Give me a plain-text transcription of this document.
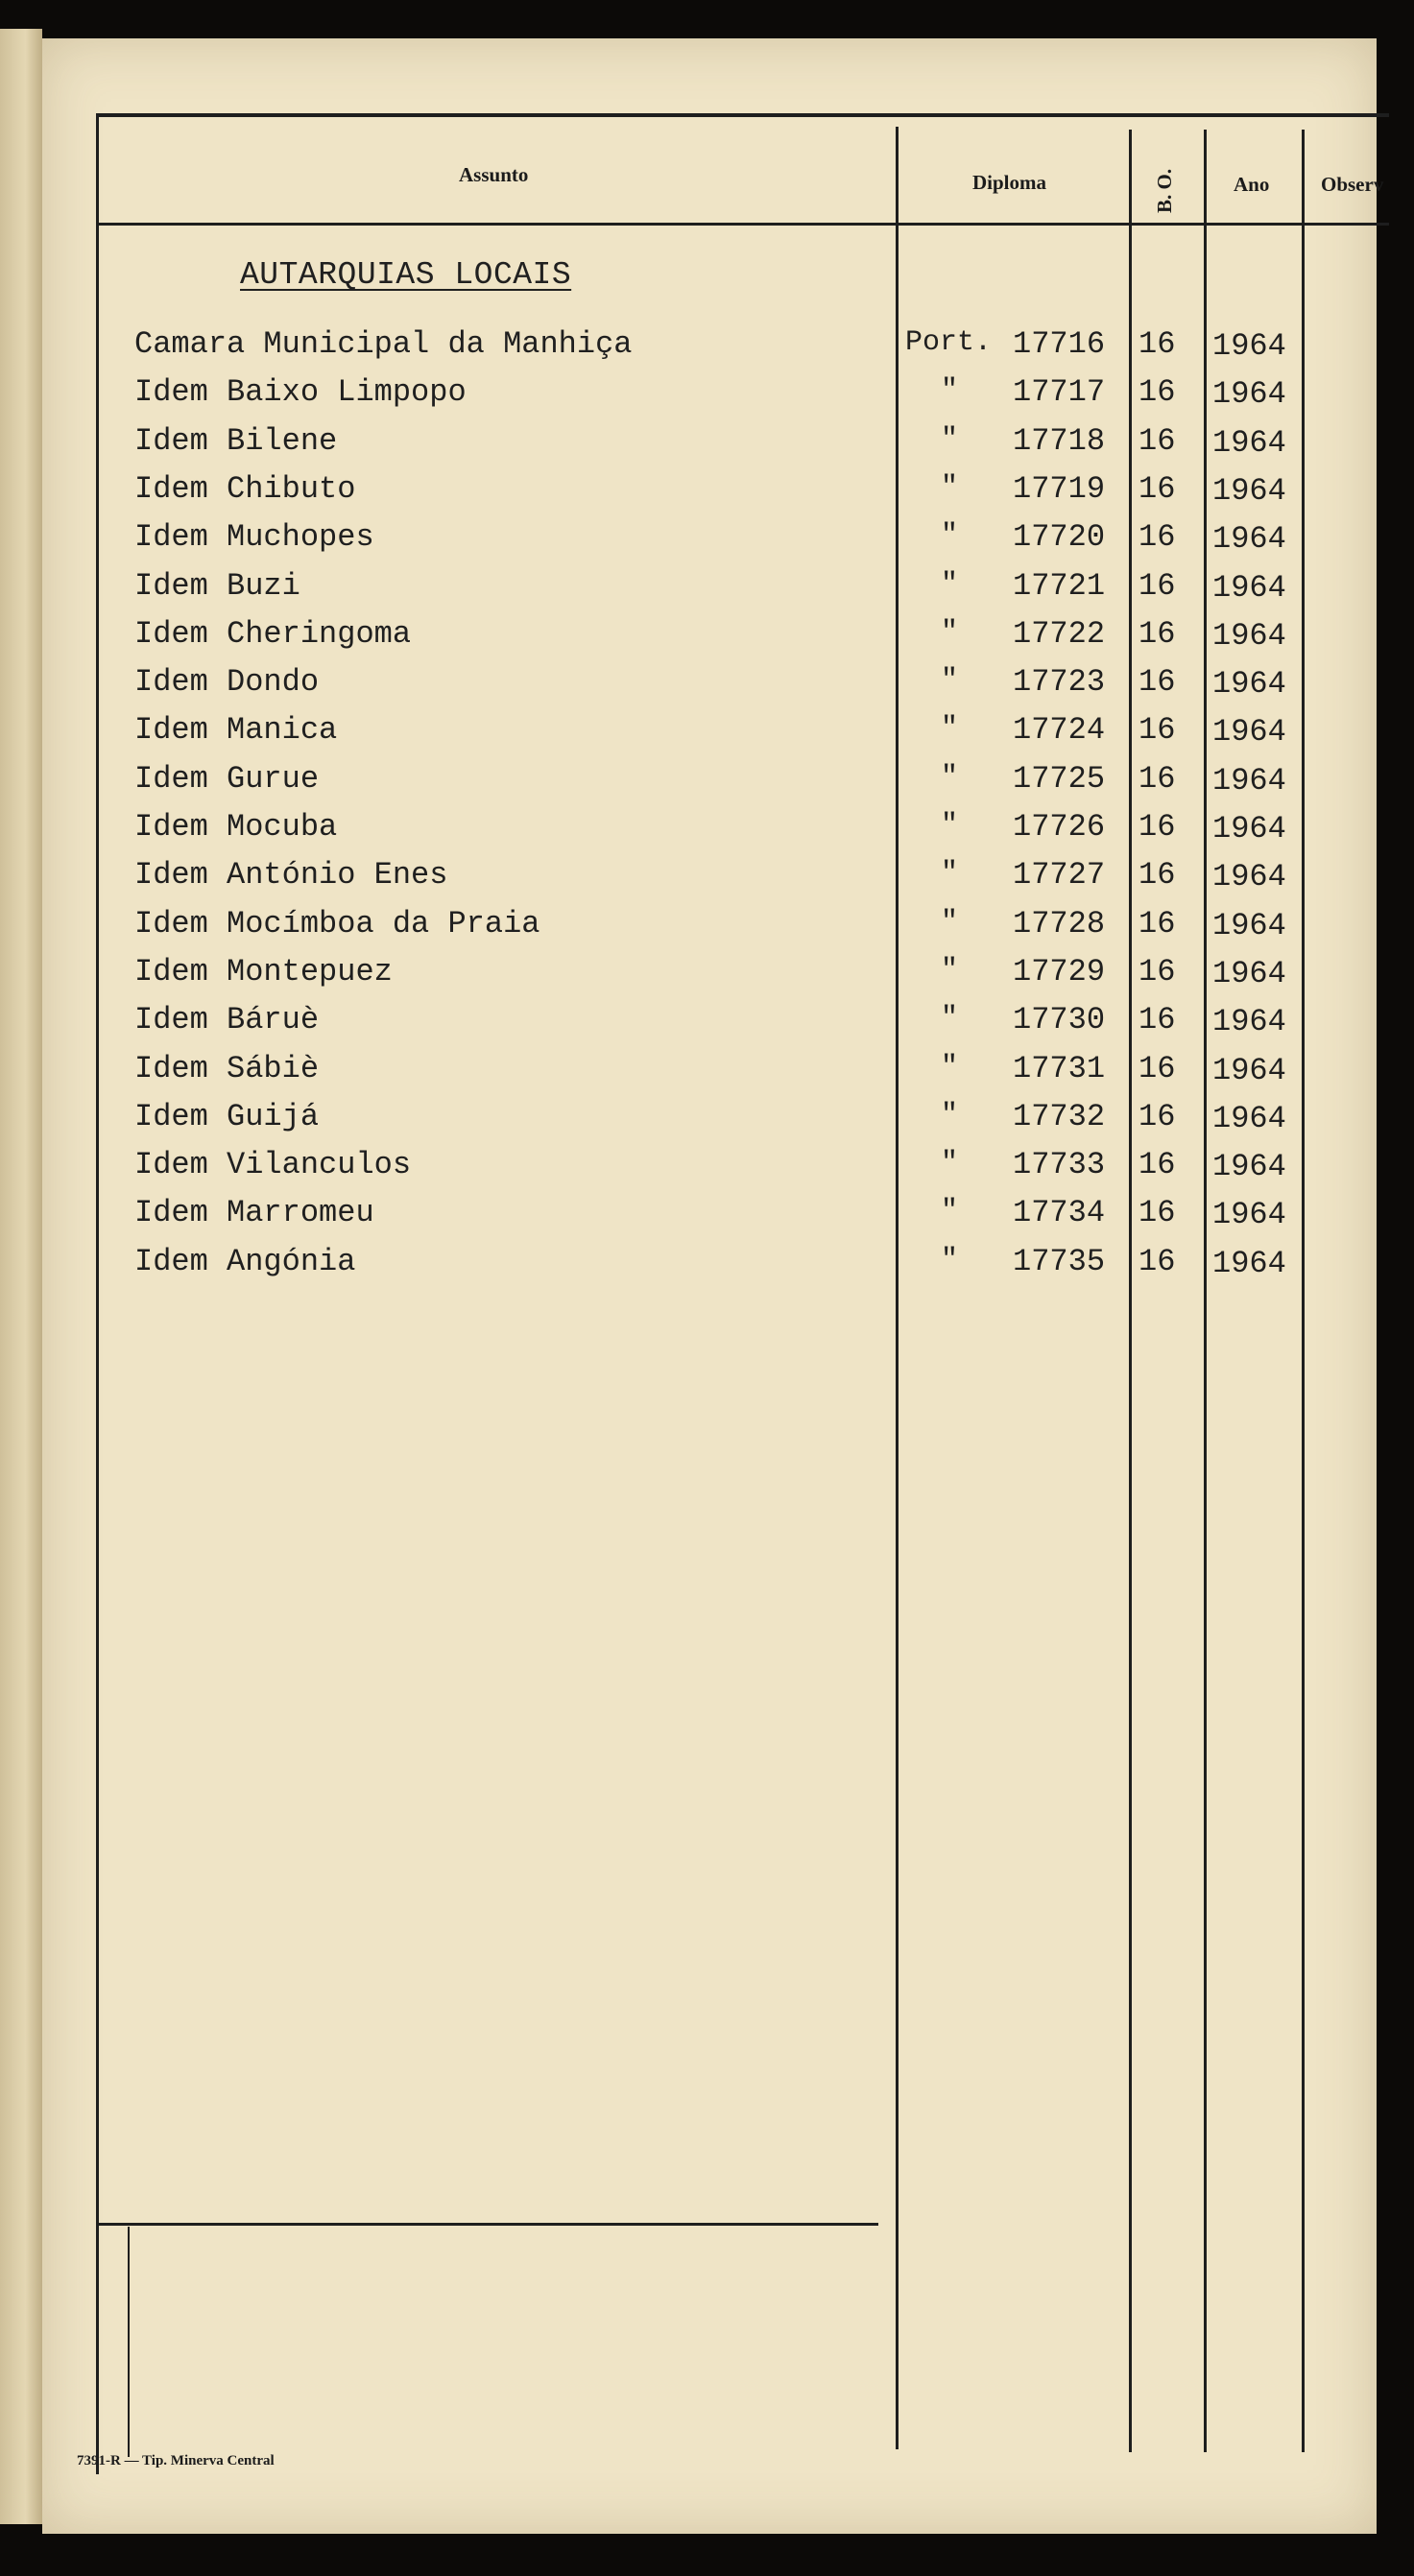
Assunto	Diploma	B. O.	Ano	Observ
AUTARQUIAS LOCAIS
Camara Municipal da Manhiça	Port. 17716 16 1964
Idem Baixo Limpopo	" 17717 16 1964
Idem Bilene	" 17718 16 1964
Idem Chibuto	" 17719 16 1964
Idem Muchopes	" 17720 16 1964
Idem Buzi	" 17721 16 1964
Idem Cheringoma	" 17722 16 1964
Idem Dondo	" 17723 16 1964
Idem Manica	" 17724 16 1964
Idem Gurue	" 17725 16 1964
Idem Mocuba	" 17726 16 1964
Idem António Enes	" 17727 16 1964
Idem Mocímboa da Praia	" 17728 16 1964
Idem Montepuez	" 17729 16 1964
Idem Báruè	" 17730 16 1964
Idem Sábiè	" 17731 16 1964
Idem Guijá	" 17732 16 1964
Idem Vilanculos	" 17733 16 1964
Idem Marromeu	" 17734 16 1964
Idem Angónia	" 17735 16 1964
7391-R — Tip. Minerva Central
